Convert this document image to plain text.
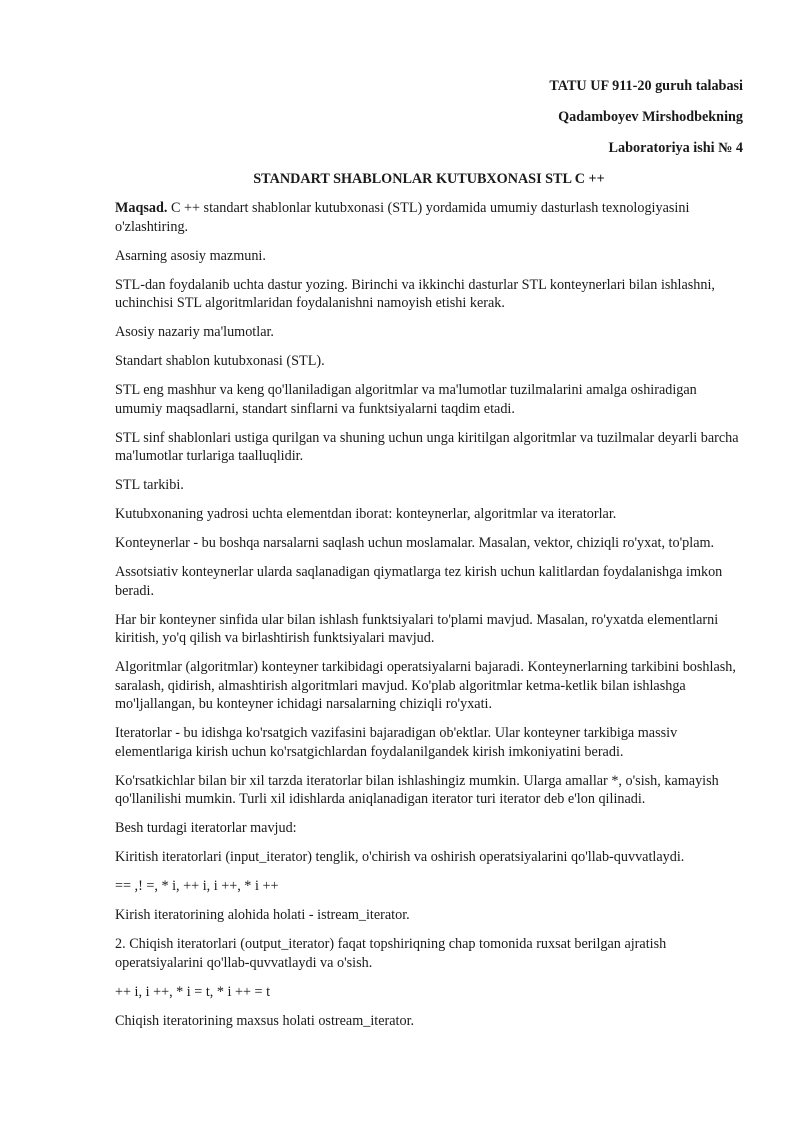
TATU UF 911-20 guruh talabasi
Qadamboyev Mirshodbekning
Laboratoriya ishi № 4
STANDART SHABLONLAR KUTUBXONASI STL C ++
Maqsad. C ++ standart shablonlar kutubxonasi (STL) yordamida umumiy dasturlash texnologiyasini o'zlashtiring.
Asarning asosiy mazmuni.
STL-dan foydalanib uchta dastur yozing. Birinchi va ikkinchi dasturlar STL konteynerlari bilan ishlashni, uchinchisi STL algoritmlaridan foydalanishni namoyish etishi kerak.
Asosiy nazariy ma'lumotlar.
Standart shablon kutubxonasi (STL).
STL eng mashhur va keng qo'llaniladigan algoritmlar va ma'lumotlar tuzilmalarini amalga oshiradigan umumiy maqsadlarni, standart sinflarni va funktsiyalarni taqdim etadi.
STL sinf shablonlari ustiga qurilgan va shuning uchun unga kiritilgan algoritmlar va tuzilmalar deyarli barcha ma'lumotlar turlariga taalluqlidir.
STL tarkibi.
Kutubxonaning yadrosi uchta elementdan iborat: konteynerlar, algoritmlar va iteratorlar.
Konteynerlar - bu boshqa narsalarni saqlash uchun moslamalar. Masalan, vektor, chiziqli ro'yxat, to'plam.
Assotsiativ konteynerlar ularda saqlanadigan qiymatlarga tez kirish uchun kalitlardan foydalanishga imkon beradi.
Har bir konteyner sinfida ular bilan ishlash funktsiyalari to'plami mavjud. Masalan, ro'yxatda elementlarni kiritish, yo'q qilish va birlashtirish funktsiyalari mavjud.
Algoritmlar (algoritmlar) konteyner tarkibidagi operatsiyalarni bajaradi. Konteynerlarning tarkibini boshlash, saralash, qidirish, almashtirish algoritmlari mavjud. Ko'plab algoritmlar ketma-ketlik bilan ishlashga mo'ljallangan, bu konteyner ichidagi narsalarning chiziqli ro'yxati.
Iteratorlar - bu idishga ko'rsatgich vazifasini bajaradigan ob'ektlar. Ular konteyner tarkibiga massiv elementlariga kirish uchun ko'rsatgichlardan foydalanilgandek kirish imkoniyatini beradi.
Ko'rsatkichlar bilan bir xil tarzda iteratorlar bilan ishlashingiz mumkin. Ularga amallar *, o'sish, kamayish qo'llanilishi mumkin. Turli xil idishlarda aniqlanadigan iterator turi iterator deb e'lon qilinadi.
Besh turdagi iteratorlar mavjud:
Kiritish iteratorlari (input_iterator) tenglik, o'chirish va oshirish operatsiyalarini qo'llab-quvvatlaydi.
== ,! =, * i, ++ i, i ++, * i ++
Kirish iteratorining alohida holati - istream_iterator.
2. Chiqish iteratorlari (output_iterator) faqat topshiriqning chap tomonida ruxsat berilgan ajratish operatsiyalarini qo'llab-quvvatlaydi va o'sish.
++ i, i ++, * i = t, * i ++ = t
Chiqish iteratorining maxsus holati ostream_iterator.
